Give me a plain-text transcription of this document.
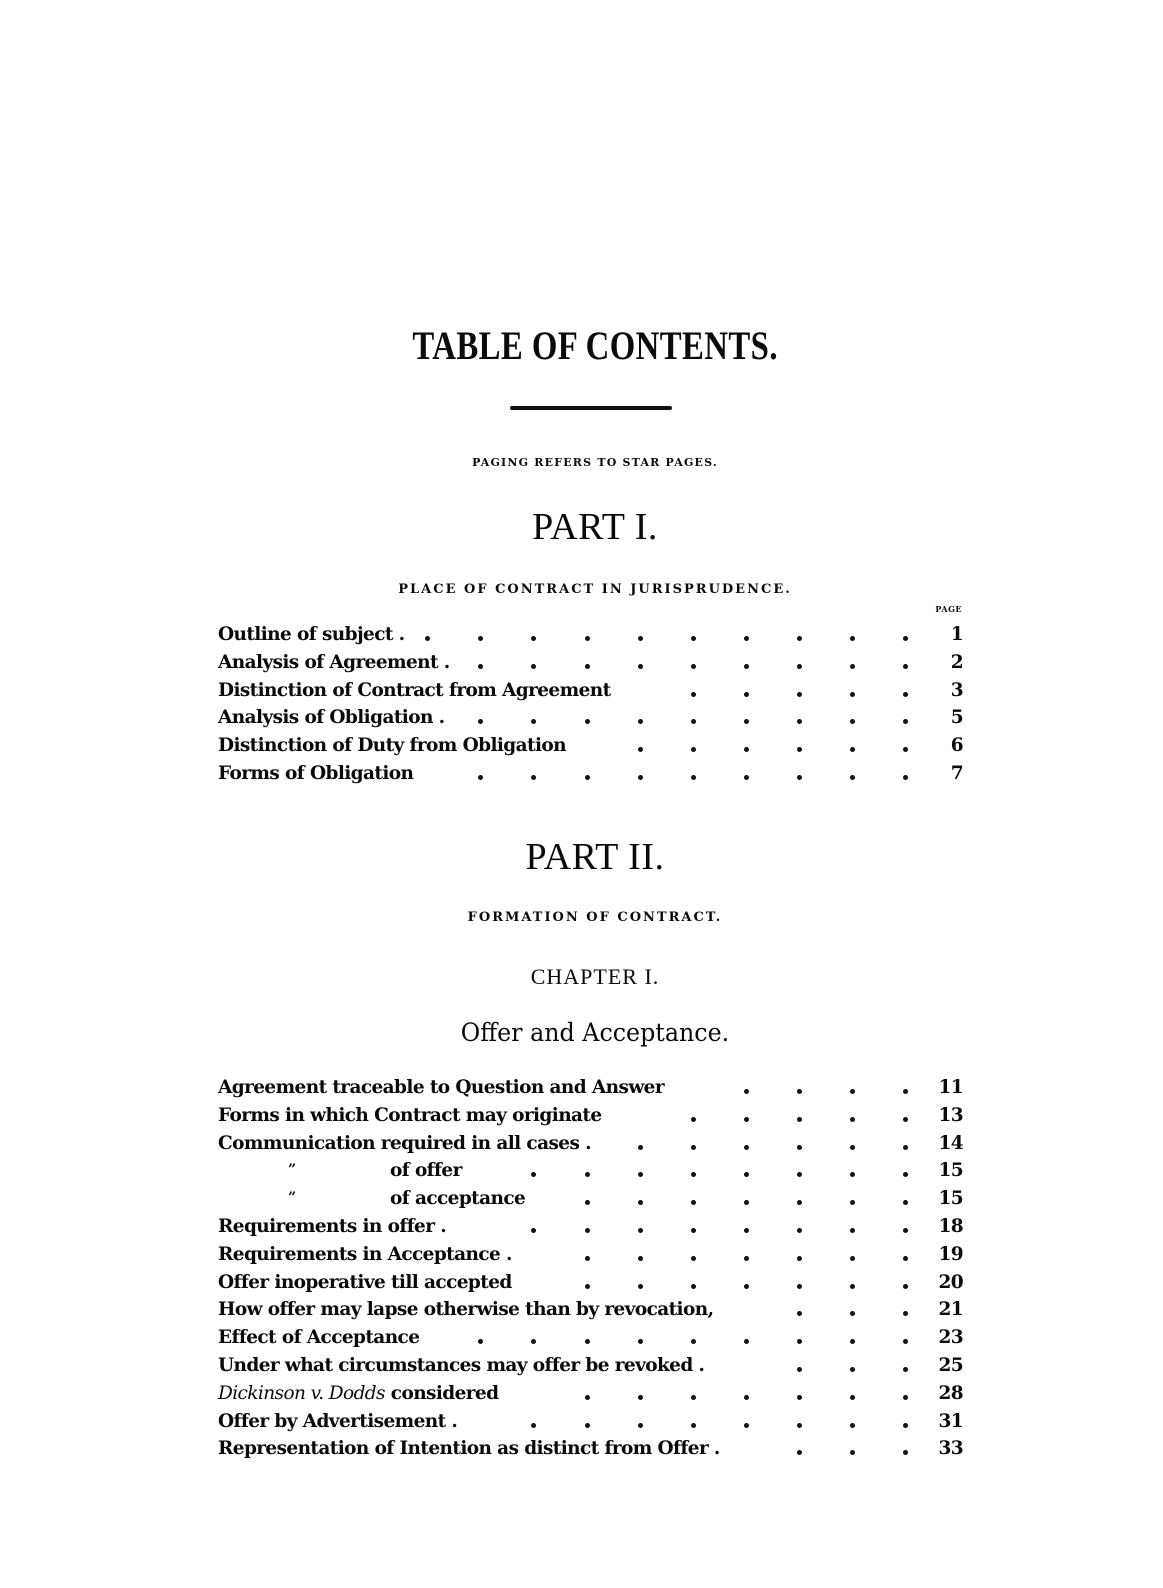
TABLE OF CONTENTS.
PAGING REFERS TO STAR PAGES.
PART I.
PLACE OF CONTRACT IN JURISPRUDENCE.
PAGE
Outline of subject .	1
Analysis of Agreement .	2
Distinction of Contract from Agreement	3
Analysis of Obligation .	5
Distinction of Duty from Obligation	6
Forms of Obligation	7
PART II.
FORMATION OF CONTRACT.
CHAPTER I.
Offer and Acceptance.
Agreement traceable to Question and Answer	11
Forms in which Contract may originate	13
Communication required in all cases .	14
”	of offer	15
”	of acceptance	15
Requirements in offer .	18
Requirements in Acceptance .	19
Offer inoperative till accepted	20
How offer may lapse otherwise than by revocation,	21
Effect of Acceptance	23
Under what circumstances may offer be revoked .	25
Dickinson v. Dodds considered	28
Offer by Advertisement .	31
Representation of Intention as distinct from Offer .	33
